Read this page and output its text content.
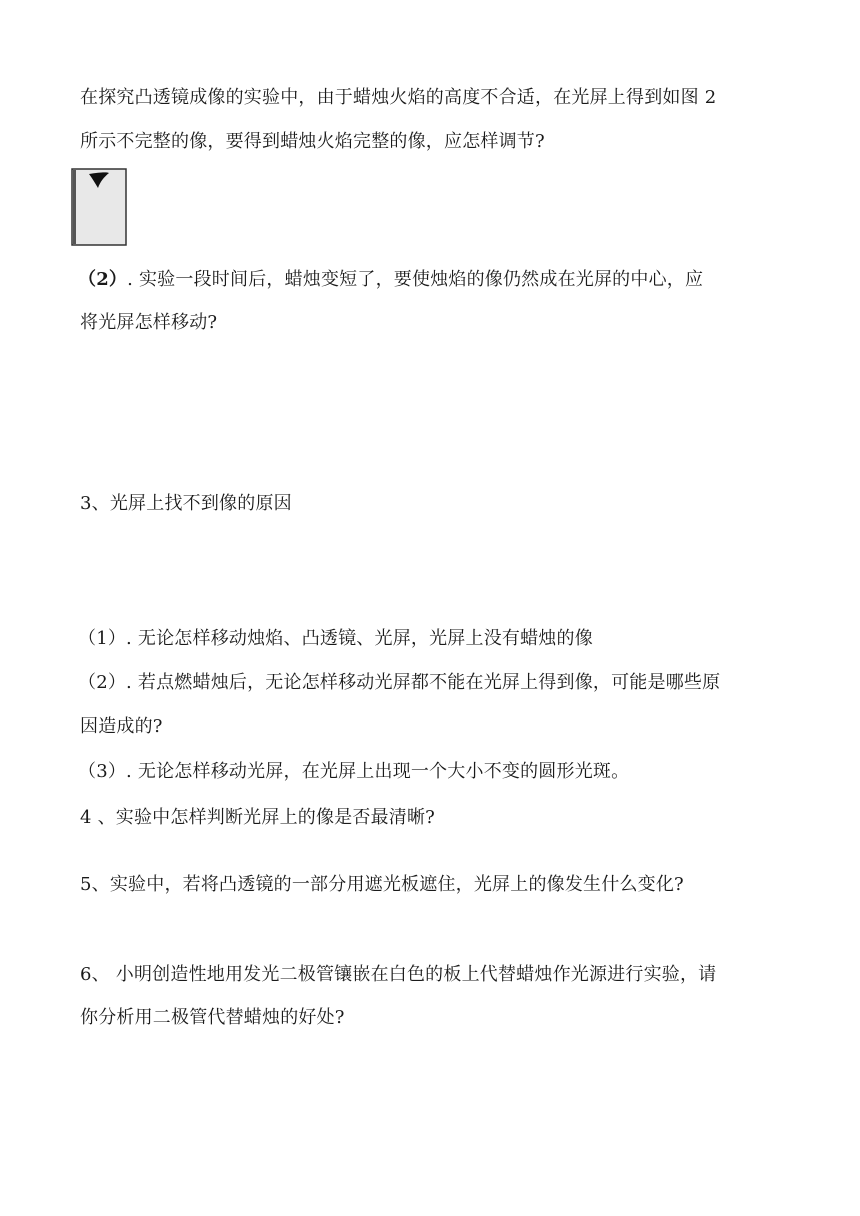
在探究凸透镜成像的实验中，由于蜡烛火焰的高度不合适，在光屏上得到如图 2
所示不完整的像，要得到蜡烛火焰完整的像，应怎样调节?
（2）. 实验一段时间后，蜡烛变短了，要使烛焰的像仍然成在光屏的中心，应
将光屏怎样移动?
3、光屏上找不到像的原因
（1）. 无论怎样移动烛焰、凸透镜、光屏，光屏上没有蜡烛的像
（2）. 若点燃蜡烛后，无论怎样移动光屏都不能在光屏上得到像，可能是哪些原
因造成的?
（3）. 无论怎样移动光屏，在光屏上出现一个大小不变的圆形光斑。
4 、实验中怎样判断光屏上的像是否最清晰?
5、实验中，若将凸透镜的一部分用遮光板遮住，光屏上的像发生什么变化?
6、 小明创造性地用发光二极管镶嵌在白色的板上代替蜡烛作光源进行实验，请
你分析用二极管代替蜡烛的好处?
